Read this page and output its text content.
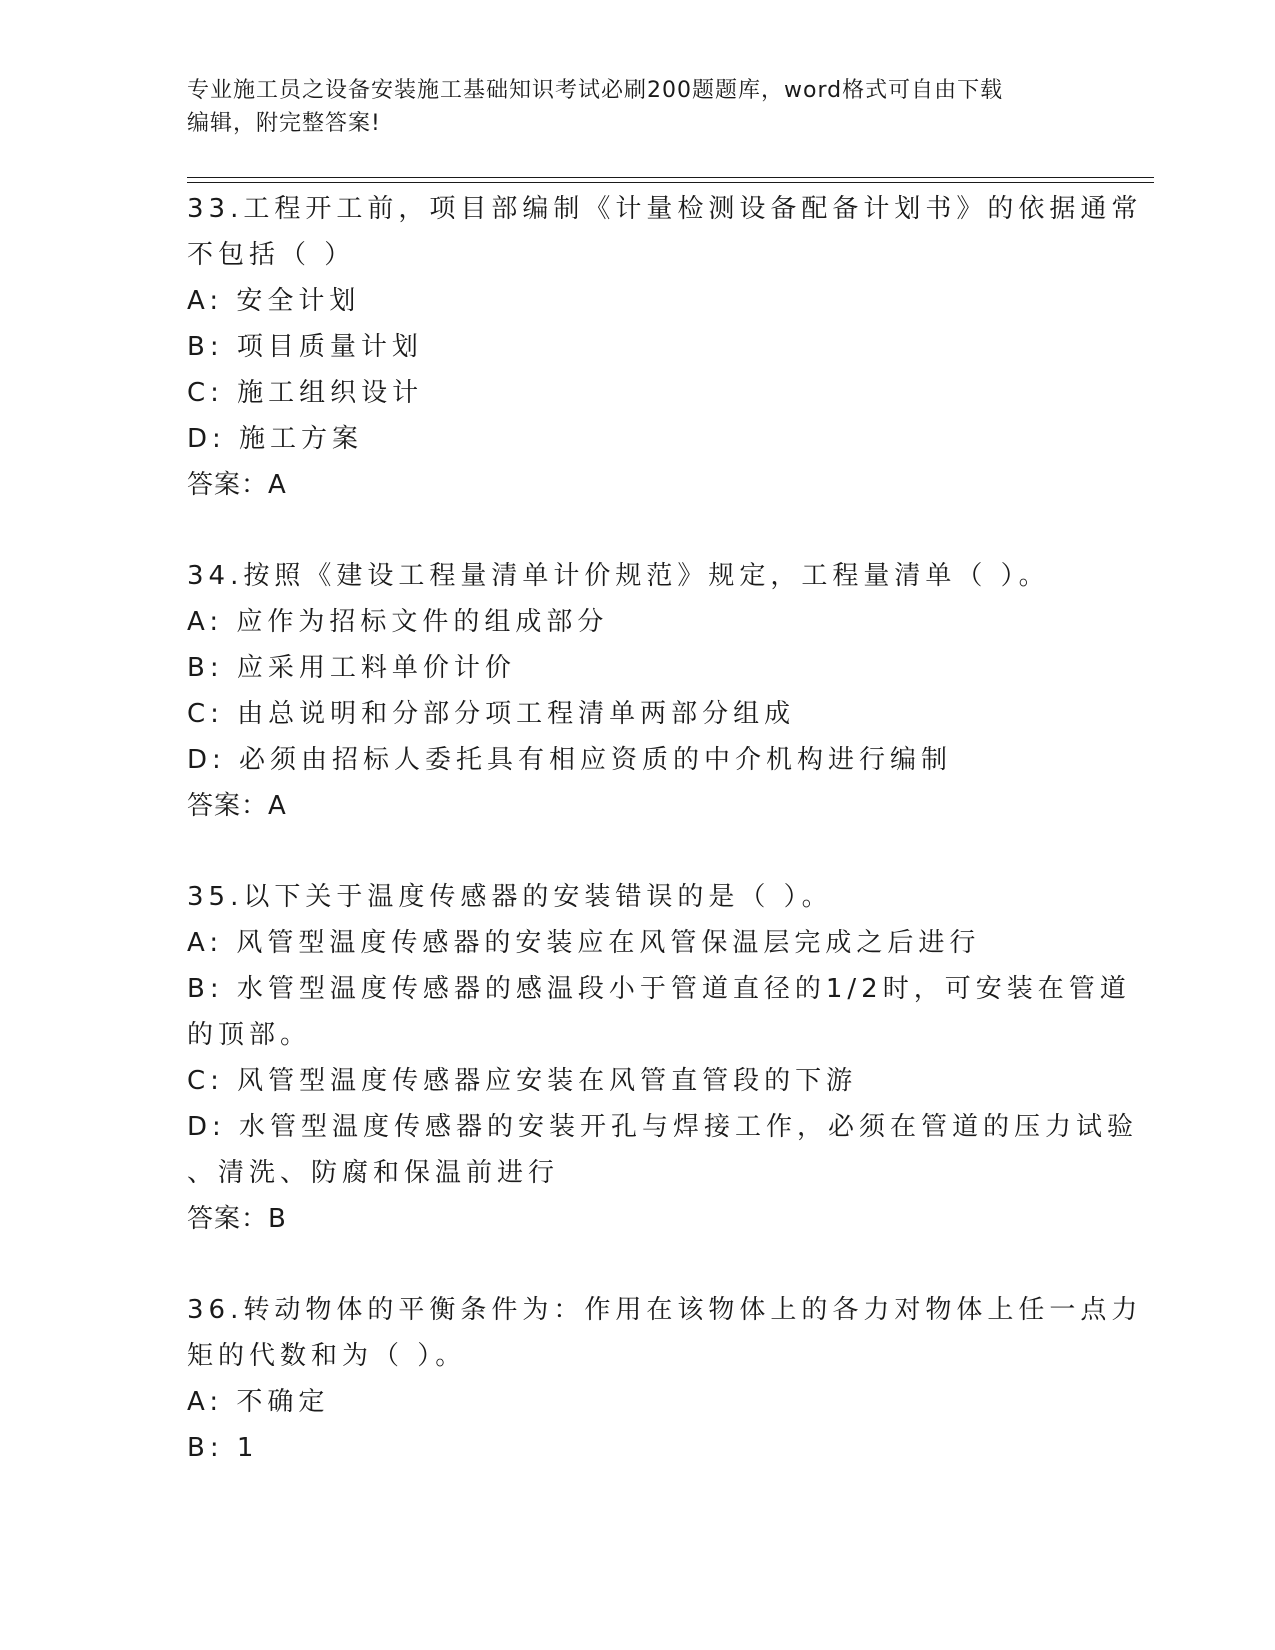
专业施工员之设备安装施工基础知识考试必刷200题题库，word格式可自由下载
编辑，附完整答案!
33.工程开工前，项目部编制《计量检测设备配备计划书》的依据通常
不包括（ ）
A: 安全计划
B: 项目质量计划
C: 施工组织设计
D: 施工方案
答案：A
34.按照《建设工程量清单计价规范》规定，工程量清单（ ）。
A: 应作为招标文件的组成部分
B: 应采用工料单价计价
C: 由总说明和分部分项工程清单两部分组成
D: 必须由招标人委托具有相应资质的中介机构进行编制
答案：A
35.以下关于温度传感器的安装错误的是（ ）。
A: 风管型温度传感器的安装应在风管保温层完成之后进行
B: 水管型温度传感器的感温段小于管道直径的1/2时，可安装在管道
的顶部。
C: 风管型温度传感器应安装在风管直管段的下游
D: 水管型温度传感器的安装开孔与焊接工作，必须在管道的压力试验
、清洗、防腐和保温前进行
答案：B
36.转动物体的平衡条件为：作用在该物体上的各力对物体上任一点力
矩的代数和为（ ）。
A: 不确定
B: 1
